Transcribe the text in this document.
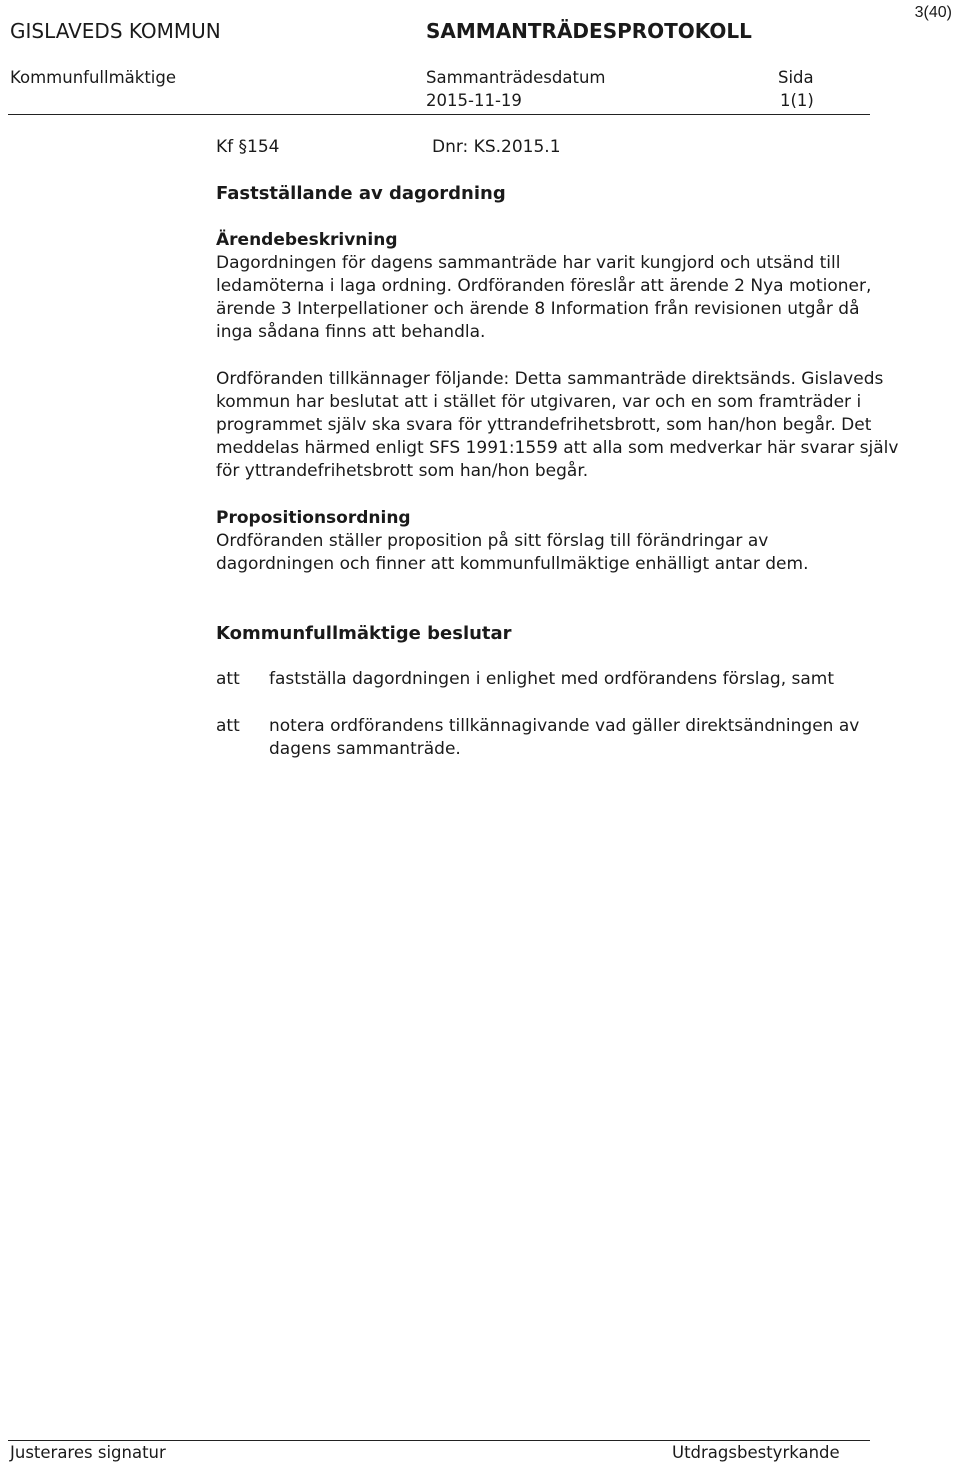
3(40)
GISLAVEDS KOMMUN	SAMMANTRÄDESPROTOKOLL
Kommunfullmäktige	Sammanträdesdatum
2015-11-19
Sida
1(1)
Kf §154	Dnr: KS.2015.1
Fastställande av dagordning
Ärendebeskrivning
Dagordningen för dagens sammanträde har varit kungjord och utsänd till
ledamöterna i laga ordning. Ordföranden föreslår att ärende 2 Nya motioner,
ärende 3 Interpellationer och ärende 8 Information från revisionen utgår då
inga sådana finns att behandla.
Ordföranden tillkännager följande: Detta sammanträde direktsänds. Gislaveds
kommun har beslutat att i stället för utgivaren, var och en som framträder i
programmet själv ska svara för yttrandefrihetsbrott, som han/hon begår. Det
meddelas härmed enligt SFS 1991:1559 att alla som medverkar här svarar själv
för yttrandefrihetsbrott som han/hon begår.
Propositionsordning
Ordföranden ställer proposition på sitt förslag till förändringar av
dagordningen och finner att kommunfullmäktige enhälligt antar dem.
Kommunfullmäktige beslutar
att fastställa dagordningen i enlighet med ordförandens förslag, samt
att notera ordförandens tillkännagivande vad gäller direktsändningen av
dagens sammanträde.
Justerares signatur	Utdragsbestyrkande
